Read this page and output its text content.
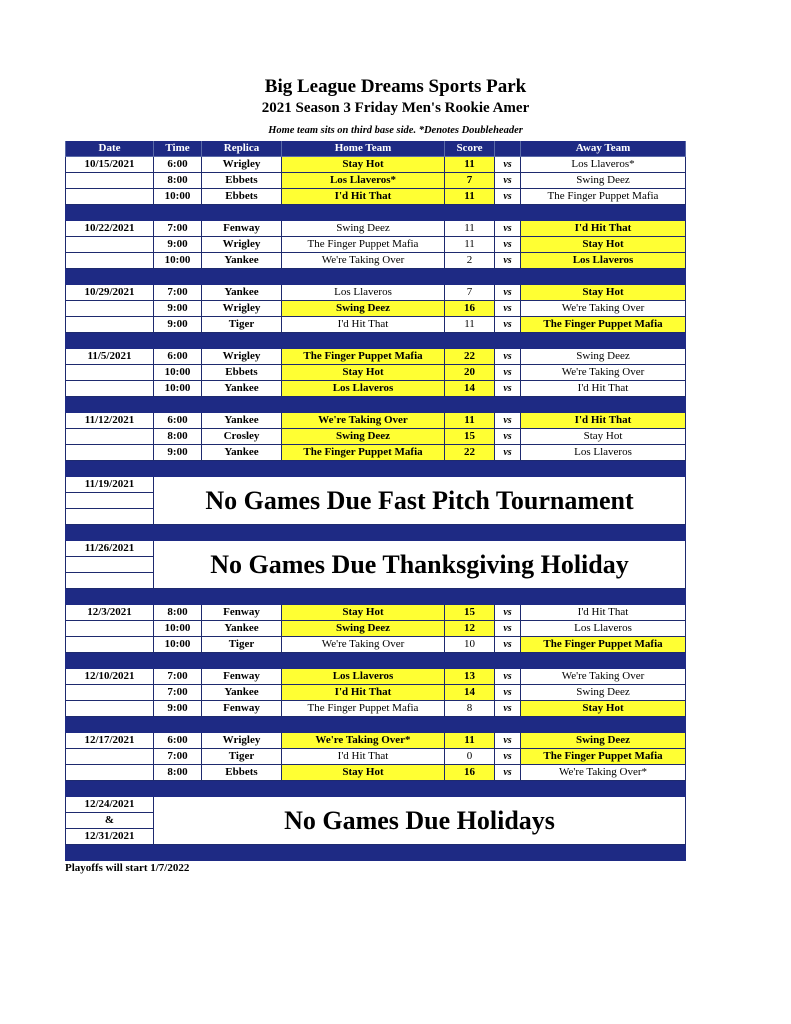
Big League Dreams Sports Park
2021 Season 3 Friday Men's Rookie Amer
Home team sits on third base side. *Denotes Doubleheader
Date	Time	Replica	Home Team	Score	Away Team
10/15/2021	6:00	Wrigley	Stay Hot	11	vs	Los Llaveros*
8:00	Ebbets	Los Llaveros*	7	vs	Swing Deez
10:00	Ebbets	I'd Hit That	11	vs	The Finger Puppet Mafia
10/22/2021	7:00	Fenway	Swing Deez	11	vs	I'd Hit That
9:00	Wrigley	The Finger Puppet Mafia	11	vs	Stay Hot
10:00	Yankee	We're Taking Over	2	vs	Los Llaveros
10/29/2021	7:00	Yankee	Los Llaveros	7	vs	Stay Hot
9:00	Wrigley	Swing Deez	16	vs	We're Taking Over
9:00	Tiger	I'd Hit That	11	vs	The Finger Puppet Mafia
11/5/2021	6:00	Wrigley	The Finger Puppet Mafia	22	vs	Swing Deez
10:00	Ebbets	Stay Hot	20	vs	We're Taking Over
10:00	Yankee	Los Llaveros	14	vs	I'd Hit That
11/12/2021	6:00	Yankee	We're Taking Over	11	vs	I'd Hit That
8:00	Crosley	Swing Deez	15	vs	Stay Hot
9:00	Yankee	The Finger Puppet Mafia	22	vs	Los Llaveros
11/19/2021
No Games Due Fast Pitch Tournament
11/26/2021
No Games Due Thanksgiving Holiday
12/3/2021	8:00	Fenway	Stay Hot	15	vs	I'd Hit That
10:00	Yankee	Swing Deez	12	vs	Los Llaveros
10:00	Tiger	We're Taking Over	10	vs	The Finger Puppet Mafia
12/10/2021	7:00	Fenway	Los Llaveros	13	vs	We're Taking Over
7:00	Yankee	I'd Hit That	14	vs	Swing Deez
9:00	Fenway	The Finger Puppet Mafia	8	vs	Stay Hot
12/17/2021	6:00	Wrigley	We're Taking Over*	11	vs	Swing Deez
7:00	Tiger	I'd Hit That	0	vs	The Finger Puppet Mafia
8:00	Ebbets	Stay Hot	16	vs	We're Taking Over*
12/24/2021
&
12/31/2021
No Games Due Holidays
Playoffs will start 1/7/2022
